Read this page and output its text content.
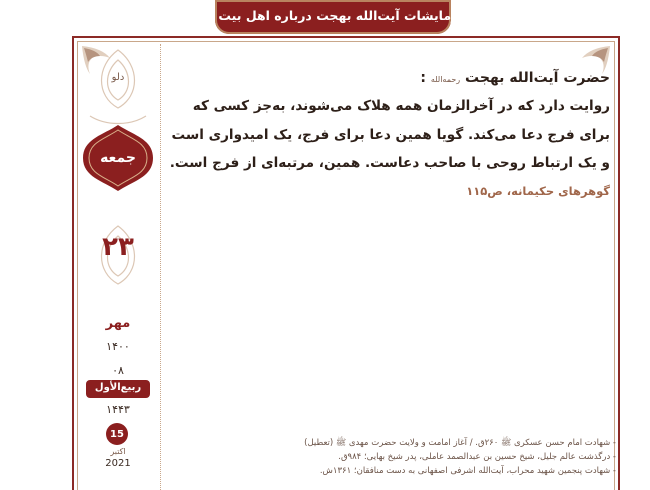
فرمایشات آیت‌الله بهجت درباره اهل بیت ﷺ
دلو
جمعه
۲۳
مهر
۱۴۰۰
۰۸
ربیع‌الأول
۱۴۴۳
15
اکتبر
2021
حضرت آیت‌الله بهجت رحمه‌الله :
روایت دارد که در آخرالزمان همه هلاک می‌شوند، به‌جز کسی که برای فرج دعا می‌کند. گویا همین دعا برای فرج، یک امیدواری است و یک ارتباط روحی با صاحب دعاست. همین، مرتبه‌ای از فرج است.
گوهرهای حکیمانه، ص۱۱۵
- شهادت امام حسن عسکری ﷺ ۲۶۰ق. / آغاز امامت و ولایت حضرت مهدی ﷺ (تعطیل)
- درگذشت عالم جلیل، شیخ حسین بن عبدالصمد عاملی، پدر شیخ بهایی؛ ۹۸۴ق.
- شهادت پنجمین شهید محراب، آیت‌الله اشرفی اصفهانی به دست منافقان؛ ۱۳۶۱ش.
